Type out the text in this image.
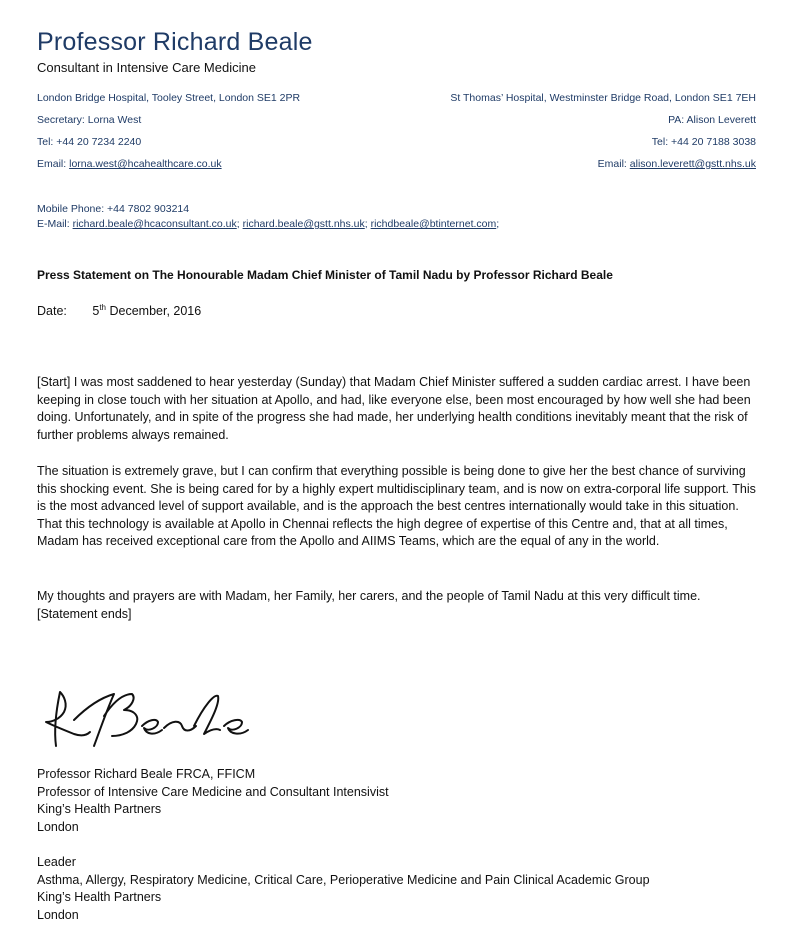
Professor Richard Beale
Consultant in Intensive Care Medicine
London Bridge Hospital, Tooley Street, London SE1 2PR
Secretary: Lorna West
Tel: +44 20 7234 2240
Email: lorna.west@hcahealthcare.co.uk
St Thomas’ Hospital, Westminster Bridge Road, London SE1 7EH
PA: Alison Leverett
Tel: +44 20 7188 3038
Email: alison.leverett@gstt.nhs.uk
Mobile Phone: +44 7802 903214
E-Mail: richard.beale@hcaconsultant.co.uk; richard.beale@gstt.nhs.uk; richdbeale@btinternet.com;
Press Statement on The Honourable Madam Chief Minister of Tamil Nadu by Professor Richard Beale
Date: 5th December, 2016
[Start] I was most saddened to hear yesterday (Sunday) that Madam Chief Minister suffered a sudden cardiac arrest. I have been keeping in close touch with her situation at Apollo, and had, like everyone else, been most encouraged by how well she had been doing. Unfortunately, and in spite of the progress she had made, her underlying health conditions inevitably meant that the risk of further problems always remained.
The situation is extremely grave, but I can confirm that everything possible is being done to give her the best chance of surviving this shocking event. She is being cared for by a highly expert multidisciplinary team, and is now on extra-corporal life support. This is the most advanced level of support available, and is the approach the best centres internationally would take in this situation. That this technology is available at Apollo in Chennai reflects the high degree of expertise of this Centre and, that at all times, Madam has received exceptional care from the Apollo and AIIMS Teams, which are the equal of any in the world.
My thoughts and prayers are with Madam, her Family, her carers, and the people of Tamil Nadu at this very difficult time. [Statement ends]
Professor Richard Beale FRCA, FFICM
Professor of Intensive Care Medicine and Consultant Intensivist
King’s Health Partners
London
Leader
Asthma, Allergy, Respiratory Medicine, Critical Care, Perioperative Medicine and Pain Clinical Academic Group
King’s Health Partners
London
